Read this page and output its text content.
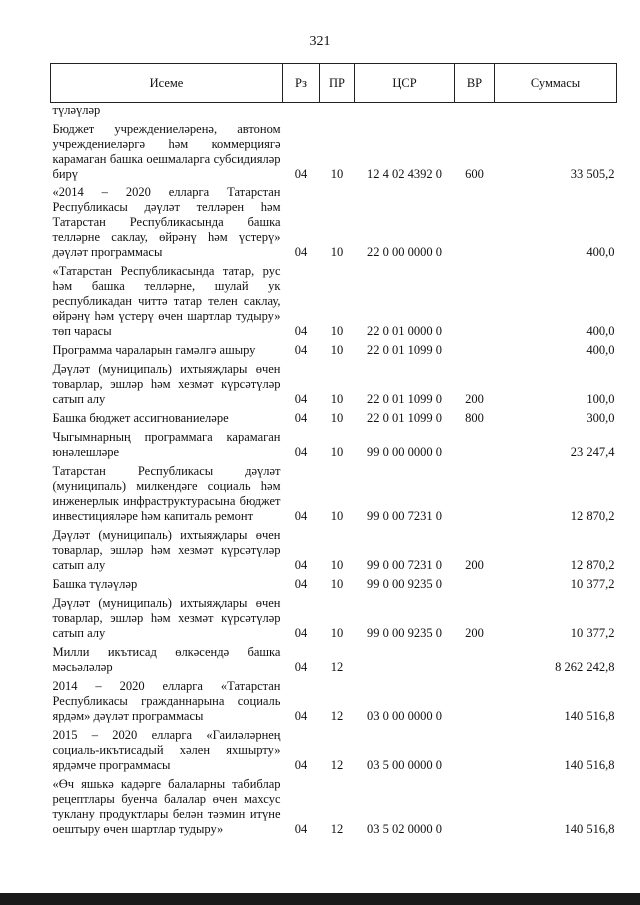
321
Исеме	Рз	ПР	ЦСР	ВР	Суммасы
түләүләр					
Бюджет учреждениеләренә, автоном учреждениеләргә һәм коммерциягә карамаган башка оешмаларга субсидияләр бирү	04	10	12 4 02 4392 0	600	33 505,2
«2014 – 2020 елларга Татарстан Республикасы дәүләт телләрен һәм Татарстан Республикасында башка телләрне саклау, өйрәнү һәм үстерү» дәүләт программасы	04	10	22 0 00 0000 0		400,0
«Татарстан Республикасында татар, рус һәм башка телләрне, шулай ук республикадан читтә татар телен саклау, өйрәнү һәм үстерү өчен шартлар тудыру» төп чарасы	04	10	22 0 01 0000 0		400,0
Программа чараларын гамәлгә ашыру	04	10	22 0 01 1099 0		400,0
Дәүләт (муниципаль) ихтыяҗлары өчен товарлар, эшләр һәм хезмәт күрсәтүләр сатып алу	04	10	22 0 01 1099 0	200	100,0
Башка бюджет ассигнованиеләре	04	10	22 0 01 1099 0	800	300,0
Чыгымнарның программага карамаган юнәлешләре	04	10	99 0 00 0000 0		23 247,4
Татарстан Республикасы дәүләт (муниципаль) милкендәге социаль һәм инженерлык инфраструктурасына бюджет инвестицияләре һәм капиталь ремонт	04	10	99 0 00 7231 0		12 870,2
Дәүләт (муниципаль) ихтыяҗлары өчен товарлар, эшләр һәм хезмәт күрсәтүләр сатып алу	04	10	99 0 00 7231 0	200	12 870,2
Башка түләүләр	04	10	99 0 00 9235 0		10 377,2
Дәүләт (муниципаль) ихтыяҗлары өчен товарлар, эшләр һәм хезмәт күрсәтүләр сатып алу	04	10	99 0 00 9235 0	200	10 377,2
Милли икътисад өлкәсендә башка мәсьәләләр	04	12			8 262 242,8
2014 – 2020 елларга «Татарстан Республикасы гражданнарына социаль ярдәм» дәүләт программасы	04	12	03 0 00 0000 0		140 516,8
2015 – 2020 елларга «Гаиләләрнең социаль-икътисадый хәлен яхшырту» ярдәмче программасы	04	12	03 5 00 0000 0		140 516,8
«Өч яшькә кадәрге балаларны табиблар рецептлары буенча балалар өчен махсус туклану продуктлары белән тәэмин итүне оештыру өчен шартлар тудыру»	04	12	03 5 02 0000 0		140 516,8
